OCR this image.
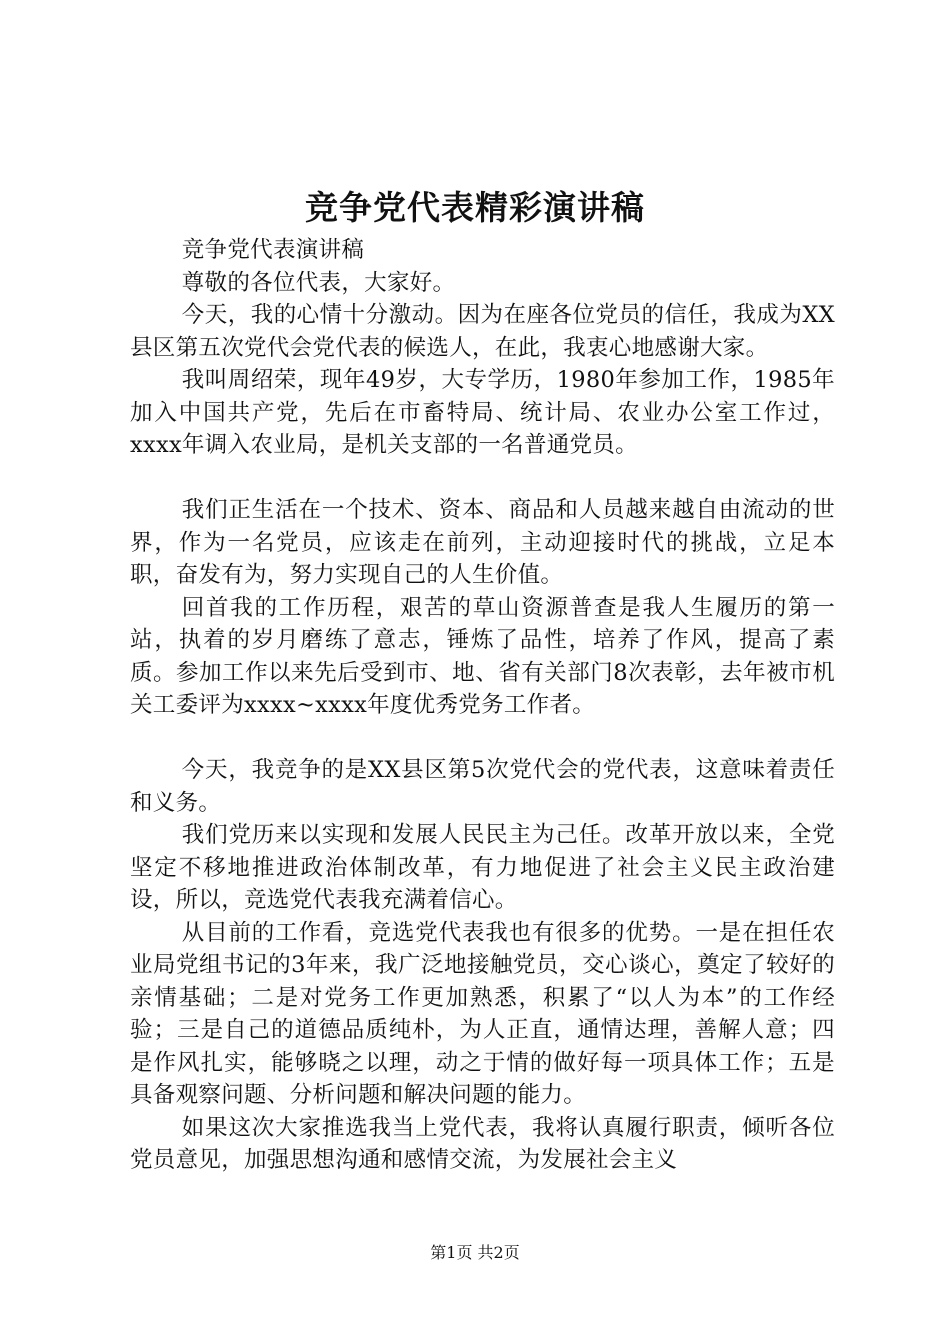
竞争党代表精彩演讲稿

竞争党代表演讲稿

尊敬的各位代表，大家好。

今天，我的心情十分激动。因为在座各位党员的信任，我成为XX县区第五次党代会党代表的候选人，在此，我衷心地感谢大家。

我叫周绍荣，现年49岁，大专学历，1980年参加工作，1985年加入中国共产党，先后在市畜特局、统计局、农业办公室工作过，xxxx年调入农业局，是机关支部的一名普通党员。

我们正生活在一个技术、资本、商品和人员越来越自由流动的世界，作为一名党员，应该走在前列，主动迎接时代的挑战，立足本职，奋发有为，努力实现自己的人生价值。

回首我的工作历程，艰苦的草山资源普查是我人生履历的第一站，执着的岁月磨练了意志，锤炼了品性，培养了作风，提高了素质。参加工作以来先后受到市、地、省有关部门8次表彰，去年被市机关工委评为xxxx~xxxx年度优秀党务工作者。

今天，我竞争的是XX县区第5次党代会的党代表，这意味着责任和义务。

我们党历来以实现和发展人民民主为己任。改革开放以来，全党坚定不移地推进政治体制改革，有力地促进了社会主义民主政治建设，所以，竞选党代表我充满着信心。

从目前的工作看，竞选党代表我也有很多的优势。一是在担任农业局党组书记的3年来，我广泛地接触党员，交心谈心，奠定了较好的亲情基础；二是对党务工作更加熟悉，积累了“以人为本”的工作经验；三是自己的道德品质纯朴，为人正直，通情达理，善解人意；四是作风扎实，能够晓之以理，动之于情的做好每一项具体工作；五是具备观察问题、分析问题和解决问题的能力。

如果这次大家推选我当上党代表，我将认真履行职责，倾听各位党员意见，加强思想沟通和感情交流，为发展社会主义

第1页 共2页
